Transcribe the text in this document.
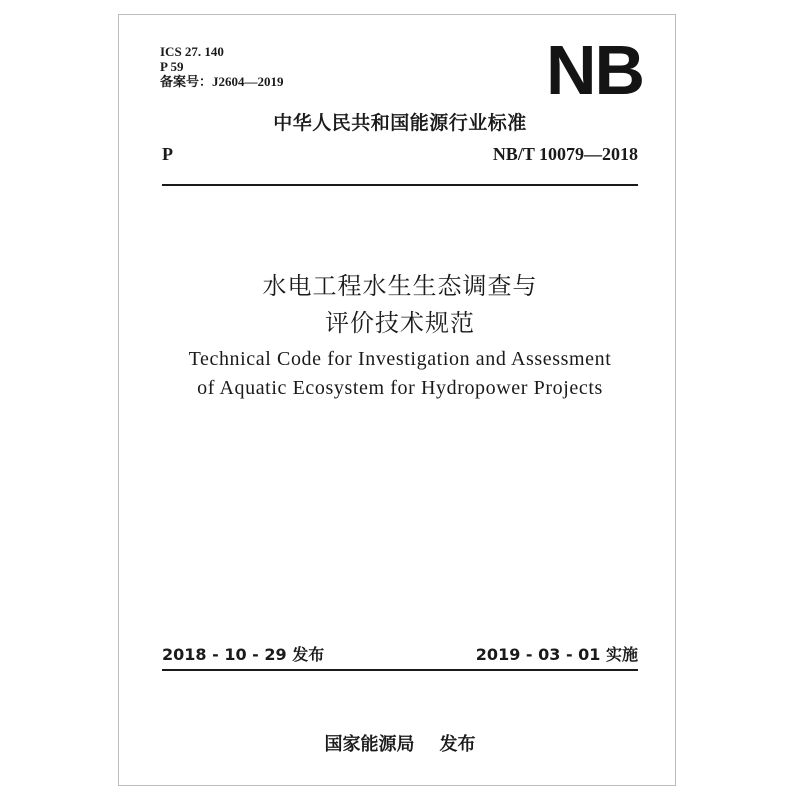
ICS 27. 140
P 59
备案号：J2604—2019	NB
中华人民共和国能源行业标准
P	NB/T 10079—2018
水电工程水生生态调查与
评价技术规范
Technical Code for Investigation and Assessment
of Aquatic Ecosystem for Hydropower Projects
2018 - 10 - 29 发布	2019 - 03 - 01 实施
国家能源局    发布
